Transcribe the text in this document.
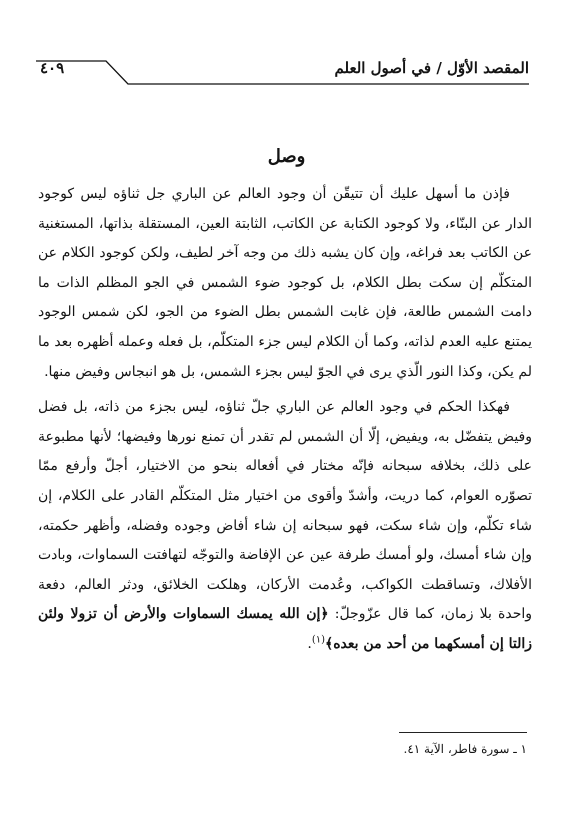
المقصد الأوّل / في أصول العلم
٤٠٩
وصل

فإذن ما أسهل عليك أن تتيقّن أن وجود العالم عن الباري جل ثناؤه ليس كوجود الدار عن البنّاء، ولا كوجود الكتابة عن الكاتب، الثابتة العين، المستقلة بذاتها، المستغنية عن الكاتب بعد فراغه، وإن كان يشبه ذلك من وجه آخر لطيف، ولكن كوجود الكلام عن المتكلّم إن سكت بطل الكلام، بل كوجود ضوء الشمس في الجو المظلم الذات ما دامت الشمس طالعة، فإن غابت الشمس بطل الضوء من الجو، لكن شمس الوجود يمتنع عليه العدم لذاته، وكما أن الكلام ليس جزء المتكلّم، بل فعله وعمله أظهره بعد ما لم يكن، وكذا النور الّذي يرى في الجوّ ليس بجزء الشمس، بل هو انبجاس وفيض منها.

فهكذا الحكم في وجود العالم عن الباري جلّ ثناؤه، ليس بجزء من ذاته، بل فضل وفيض يتفضّل به، ويفيض، إلّا أن الشمس لم تقدر أن تمنع نورها وفيضها؛ لأنها مطبوعة على ذلك، بخلافه سبحانه فإنّه مختار في أفعاله بنحو من الاختيار، أجلّ وأرفع ممّا تصوّره العوام، كما دريت، وأشدّ وأقوى من اختيار مثل المتكلّم القادر على الكلام، إن شاء تكلّم، وإن شاء سكت، فهو سبحانه إن شاء أفاض وجوده وفضله، وأظهر حكمته، وإن شاء أمسك، ولو أمسك طرفة عين عن الإفاضة والتوجّه لتهافتت السماوات، وبادت الأفلاك، وتساقطت الكواكب، وعُدمت الأركان، وهلكت الخلائق، ودثر العالم، دفعة واحدة بلا زمان، كما قال عزّوجلّ: ﴿إن الله يمسك السماوات والأرض أن تزولا ولئن زالتا إن أمسكهما من أحد من بعده﴾$^{(١)}$.

١ ـ سورة فاطر، الآية ٤١.
